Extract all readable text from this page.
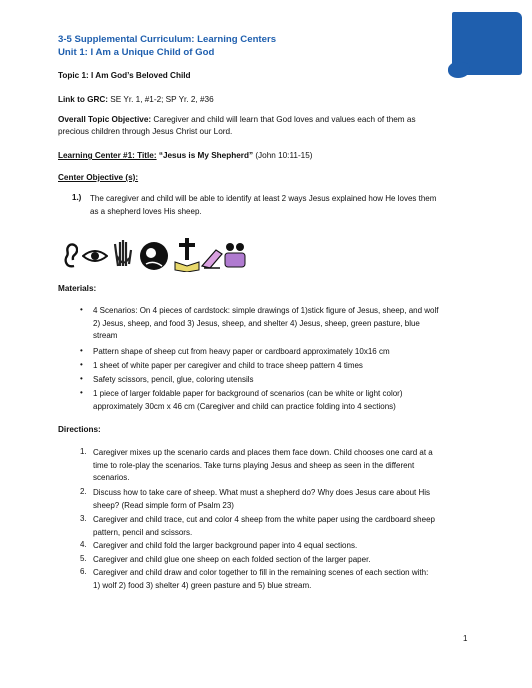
3-5 Supplemental Curriculum: Learning Centers
Unit 1: I Am a Unique Child of God
Topic 1: I Am God’s Beloved Child
Link to GRC: SE Yr. 1, #1-2; SP Yr. 2, #36
Overall Topic Objective: Caregiver and child will learn that God loves and values each of them as
precious children through Jesus Christ our Lord.
Learning Center #1: Title: “Jesus is My Shepherd” (John 10:11-15)
Center Objective (s):
1.) The caregiver and child will be able to identify at least 2 ways Jesus explained how He loves them
as a shepherd loves His sheep.
Materials:
• 4 Scenarios: On 4 pieces of cardstock: simple drawings of 1)stick figure of Jesus, sheep, and wolf
2) Jesus, sheep, and food 3) Jesus, sheep, and shelter 4) Jesus, sheep, green pasture, blue
stream
• Pattern shape of sheep cut from heavy paper or cardboard approximately 10x16 cm
• 1 sheet of white paper per caregiver and child to trace sheep pattern 4 times
• Safety scissors, pencil, glue, coloring utensils
• 1 piece of larger foldable paper for background of scenarios (can be white or light color)
approximately 30cm x 46 cm (Caregiver and child can practice folding into 4 sections)
Directions:
1. Caregiver mixes up the scenario cards and places them face down. Child chooses one card at a
time to role-play the scenarios. Take turns playing Jesus and sheep as seen in the different
scenarios.
2. Discuss how to take care of sheep. What must a shepherd do? Why does Jesus care about His
sheep? (Read simple form of Psalm 23)
3. Caregiver and child trace, cut and color 4 sheep from the white paper using the cardboard sheep
pattern, pencil and scissors.
4. Caregiver and child fold the larger background paper into 4 equal sections.
5. Caregiver and child glue one sheep on each folded section of the larger paper.
6. Caregiver and child draw and color together to fill in the remaining scenes of each section with:
1) wolf 2) food 3) shelter 4) green pasture and 5) blue stream.
1
